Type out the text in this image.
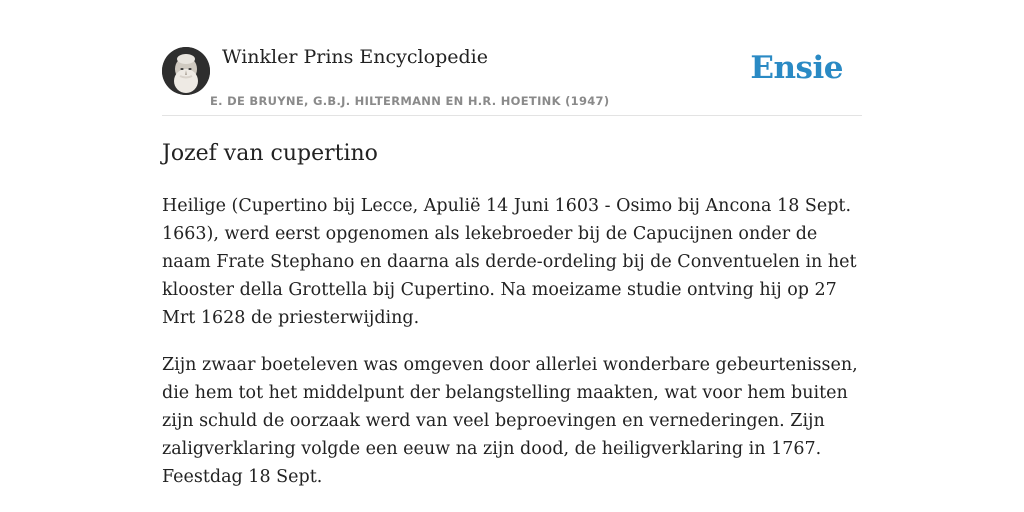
Winkler Prins Encyclopedie
E. DE BRUYNE, G.B.J. HILTERMANN EN H.R. HOETINK (1947)
Ensie
Jozef van cupertino

Heilige (Cupertino bij Lecce, Apulië 14 Juni 1603 - Osimo bij Ancona 18 Sept. 1663), werd eerst opgenomen als lekebroeder bij de Capucijnen onder de naam Frate Stephano en daarna als derde-ordeling bij de Conventuelen in het klooster della Grottella bij Cupertino. Na moeizame studie ontving hij op 27 Mrt 1628 de priesterwijding.

Zijn zwaar boeteleven was omgeven door allerlei wonderbare gebeurtenissen, die hem tot het middelpunt der belangstelling maakten, wat voor hem buiten zijn schuld de oorzaak werd van veel beproevingen en vernederingen. Zijn zaligverklaring volgde een eeuw na zijn dood, de heiligverklaring in 1767. Feestdag 18 Sept.
